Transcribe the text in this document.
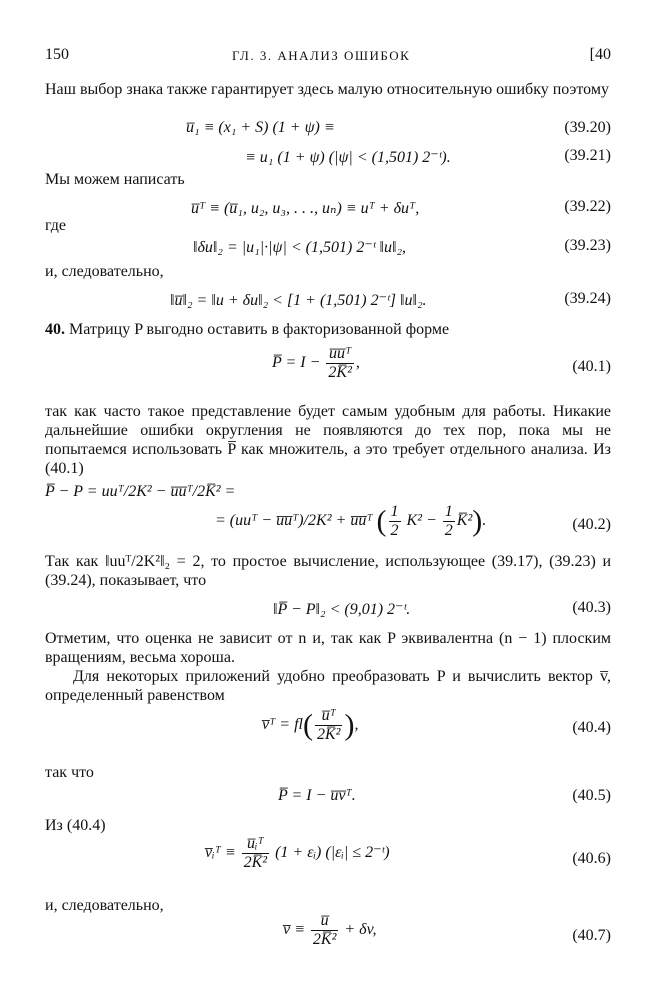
150	ГЛ. 3. АНАЛИЗ ОШИБОК	[40
Наш выбор знака также гарантирует здесь малую относительную ошибку поэтому
u̅₁ ≡ (x₁ + S) (1 + ψ) ≡	(39.20)
≡ u₁ (1 + ψ) (|ψ| < (1,501) 2⁻ᵗ).	(39.21)
Мы можем написать
u̅ᵀ ≡ (u̅₁, u₂, u₃, . . ., uₙ) ≡ uᵀ + δuᵀ,	(39.22)
где
‖δu‖₂ = |u₁|·|ψ| < (1,501) 2⁻ᵗ ‖u‖₂,	(39.23)
и, следовательно,
‖u̅‖₂ = ‖u + δu‖₂ < [1 + (1,501) 2⁻ᵗ] ‖u‖₂.	(39.24)
40. Матрицу P выгодно оставить в факторизованной форме
P̅ = $I - \frac{\text{u̅u̅ᵀ}}{\text{2K̅²}}$ ,	(40.1)
так как часто такое представление будет самым удобным для работы. Никакие дальнейшие ошибки округления не появляются до тех пор, пока мы не попытаемся использовать P̅ как множитель, а это требует отдельного анализа. Из (40.1)
P̅ − P = uuᵀ/2K² − u̅u̅ᵀ/2K̅² =
= (uuᵀ − u̅u̅ᵀ)/2K² + u̅u̅ᵀ ( $\frac{1}{2} K^2 - \frac{1}{2}$ K̅²).	(40.2)
Так как ‖uuᵀ/2K²‖₂ = 2, то простое вычисление, использующее (39.17), (39.23) и (39.24), показывает, что
‖P̅ − P‖₂ < (9,01) 2⁻ᵗ.	(40.3)
Отметим, что оценка не зависит от n и, так как P эквивалентна (n − 1) плоским вращениям, весьма хороша.
Для некоторых приложений удобно преобразовать P и вычислить вектор v̅, определенный равенством
v̅ᵀ = $fl( \frac{\text{u̅ᵀ}}{\text{2K̅²}}$ ),	(40.4)
так что
P̅ = I − u̅v̅ᵀ.	(40.5)
Из (40.4)
v̅ᵢᵀ ≡ $\frac{\text{u̅ᵢᵀ}}{\text{2K̅²}} (1$ + εᵢ) (|εᵢ| ≤ 2⁻ᵗ)	(40.6)
и, следовательно,
v̅ ≡ $\frac{u̅}{\text{2K̅²}} + \delta v$,	(40.7)
